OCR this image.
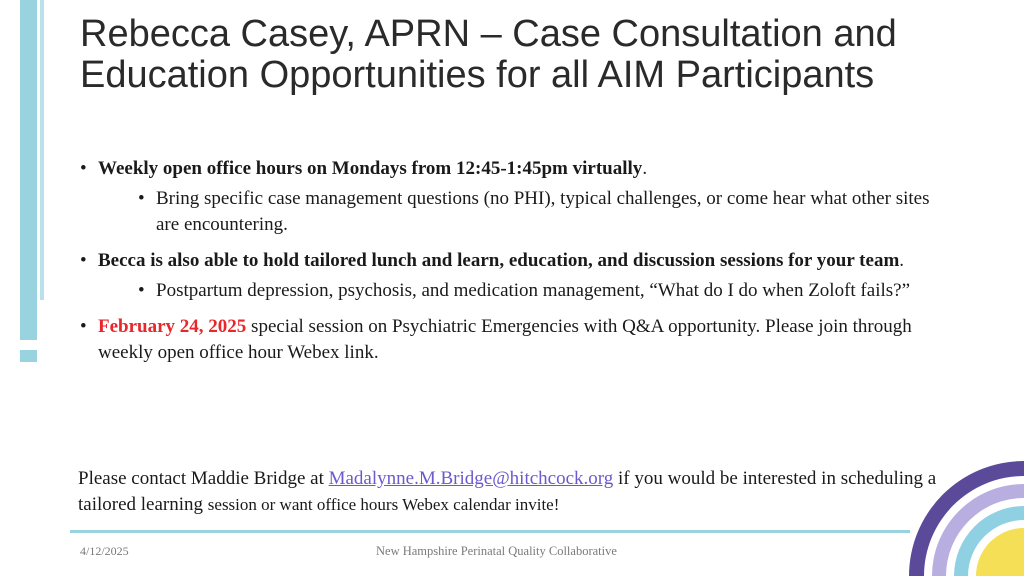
Rebecca Casey, APRN – Case Consultation and Education Opportunities for all AIM Participants
• Weekly open office hours on Mondays from 12:45-1:45pm virtually.
• Bring specific case management questions (no PHI), typical challenges, or come hear what other sites are encountering.
• Becca is also able to hold tailored lunch and learn, education, and discussion sessions for your team.
• Postpartum depression, psychosis, and medication management, “What do I do when Zoloft fails?”
• February 24, 2025 special session on Psychiatric Emergencies with Q&A opportunity. Please join through weekly open office hour Webex link.
Please contact Maddie Bridge at Madalynne.M.Bridge@hitchcock.org if you would be interested in scheduling a tailored learning session or want office hours Webex calendar invite!
4/12/2025	New Hampshire Perinatal Quality Collaborative
